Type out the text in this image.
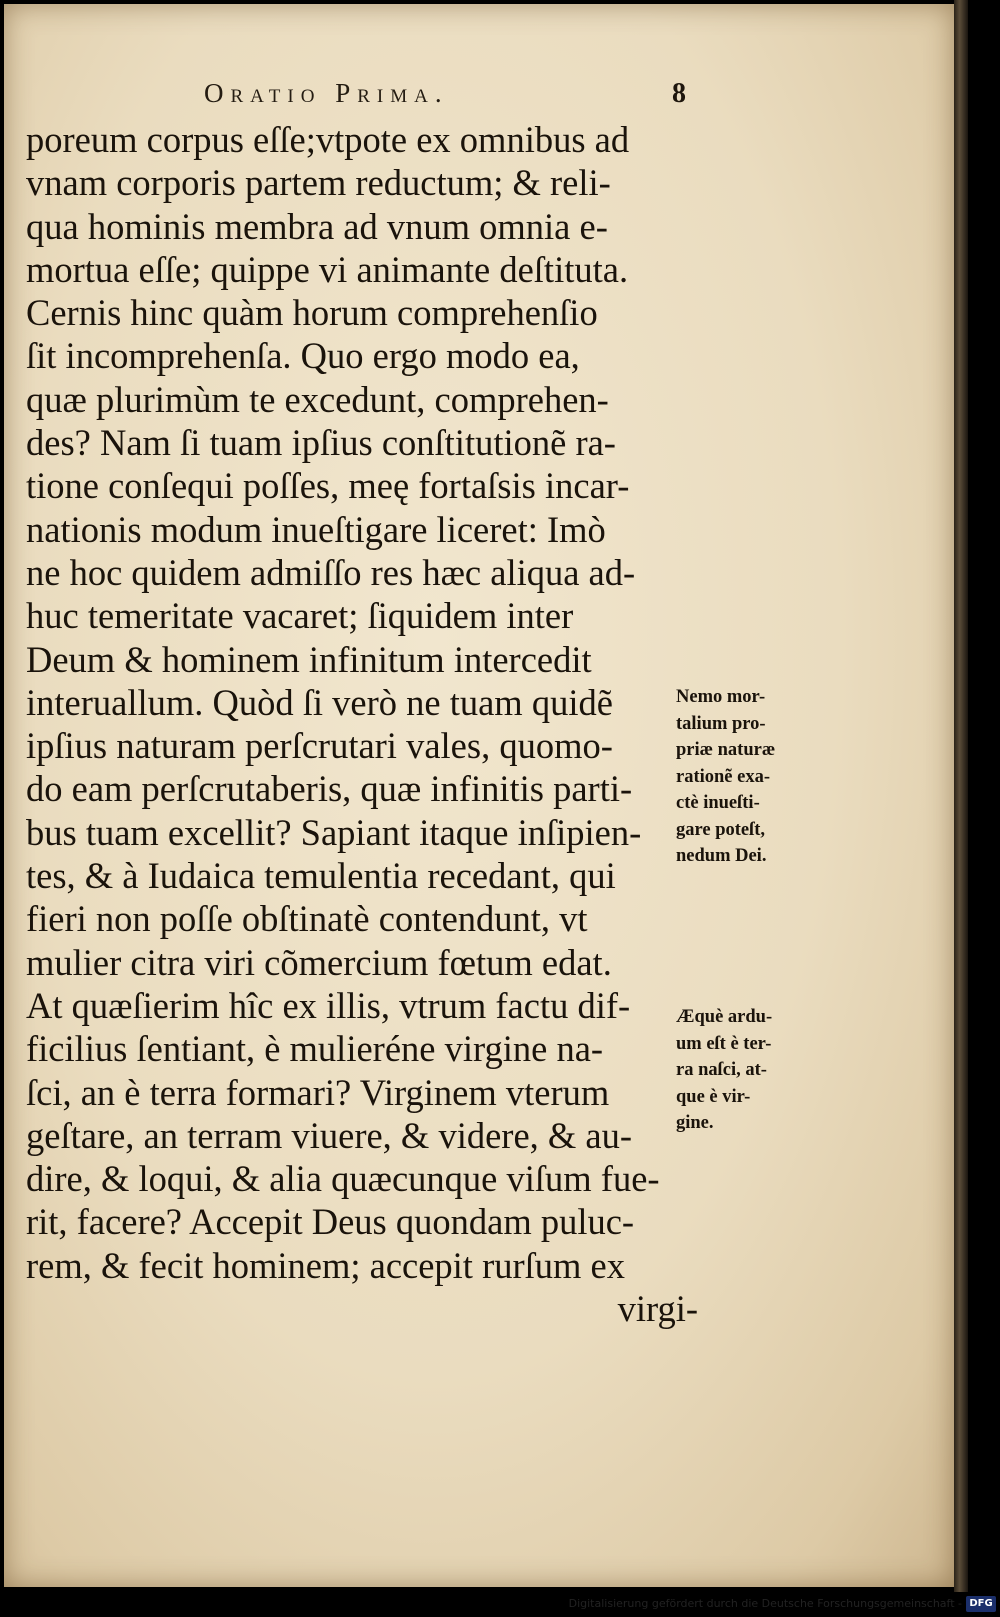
Oratio Prima.	8
poreum corpus eſſe;vtpote ex omnibus ad
vnam corporis partem reductum; & reli-
qua hominis membra ad vnum omnia e-
mortua eſſe; quippe vi animante deſtituta.
Cernis hinc quàm horum comprehenſio
ſit incomprehenſa. Quo ergo modo ea,
quæ plurimùm te excedunt, comprehen-
des? Nam ſi tuam ipſius conſtitutionẽ ra-
tione conſequi poſſes, meę fortaſsis incar-
nationis modum inueſtigare liceret: Imò
ne hoc quidem admiſſo res hæc aliqua ad-
huc temeritate vacaret; ſiquidem inter
Deum & hominem infinitum intercedit
interuallum. Quòd ſi verò ne tuam quidẽ
ipſius naturam perſcrutari vales, quomo-
do eam perſcrutaberis, quæ infinitis parti-
bus tuam excellit? Sapiant itaque inſipien-
tes, & à Iudaica temulentia recedant, qui
fieri non poſſe obſtinatè contendunt, vt
mulier citra viri cõmercium fœtum edat.
At quæſierim hîc ex illis, vtrum factu dif-
ficilius ſentiant, è mulieréne virgine na-
ſci, an è terra formari? Virginem vterum
geſtare, an terram viuere, & videre, & au-
dire, & loqui, & alia quæcunque viſum fue-
rit, facere? Accepit Deus quondam puluc-
rem, & fecit hominem; accepit rurſum ex
virgi-
Nemo mor-
talium pro-
priæ naturæ
rationẽ exa-
ctè inueſti-
gare poteſt,
nedum Dei.
Æquè ardu-
um eſt è ter-
ra naſci, at-
que è vir-
gine.
Digitalisierung gefördert durch die Deutsche Forschungsgemeinschaft - DFG
